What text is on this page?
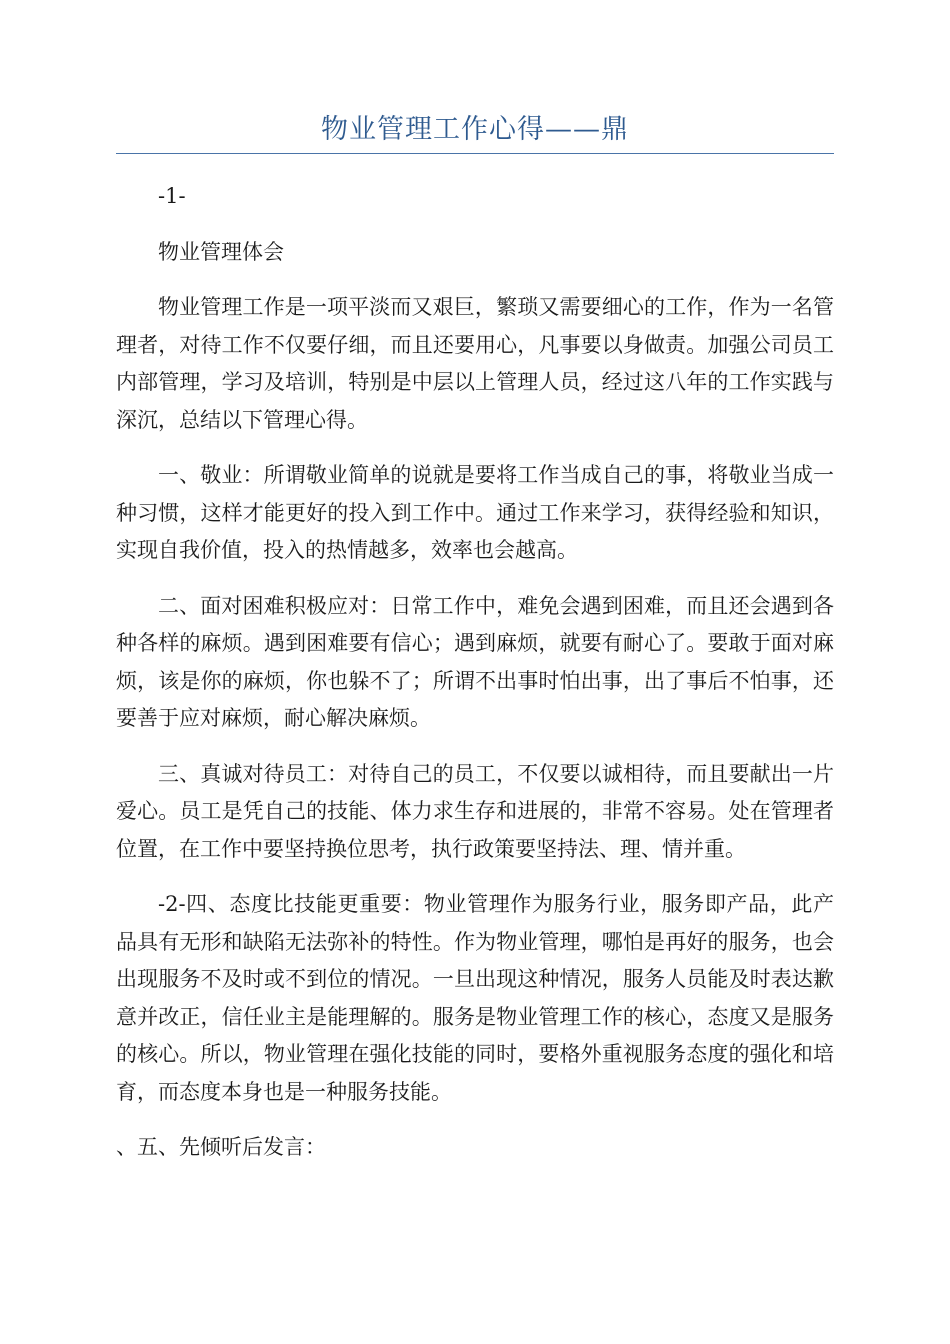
物业管理工作心得——鼎

-1-

物业管理体会

物业管理工作是一项平淡而又艰巨，繁琐又需要细心的工作，作为一名管理者，对待工作不仅要仔细，而且还要用心，凡事要以身做责。加强公司员工内部管理，学习及培训，特别是中层以上管理人员，经过这八年的工作实践与深沉，总结以下管理心得。

一、敬业：所谓敬业简单的说就是要将工作当成自己的事，将敬业当成一种习惯，这样才能更好的投入到工作中。通过工作来学习，获得经验和知识，实现自我价值，投入的热情越多，效率也会越高。

二、面对困难积极应对：日常工作中，难免会遇到困难，而且还会遇到各种各样的麻烦。遇到困难要有信心；遇到麻烦，就要有耐心了。要敢于面对麻烦，该是你的麻烦，你也躲不了；所谓不出事时怕出事，出了事后不怕事，还要善于应对麻烦，耐心解决麻烦。

三、真诚对待员工：对待自己的员工，不仅要以诚相待，而且要献出一片爱心。员工是凭自己的技能、体力求生存和进展的，非常不容易。处在管理者位置，在工作中要坚持换位思考，执行政策要坚持法、理、情并重。

-2-四、态度比技能更重要：物业管理作为服务行业，服务即产品，此产品具有无形和缺陷无法弥补的特性。作为物业管理，哪怕是再好的服务，也会出现服务不及时或不到位的情况。一旦出现这种情况，服务人员能及时表达歉意并改正，信任业主是能理解的。服务是物业管理工作的核心，态度又是服务的核心。所以，物业管理在强化技能的同时，要格外重视服务态度的强化和培育，而态度本身也是一种服务技能。

、五、先倾听后发言：
